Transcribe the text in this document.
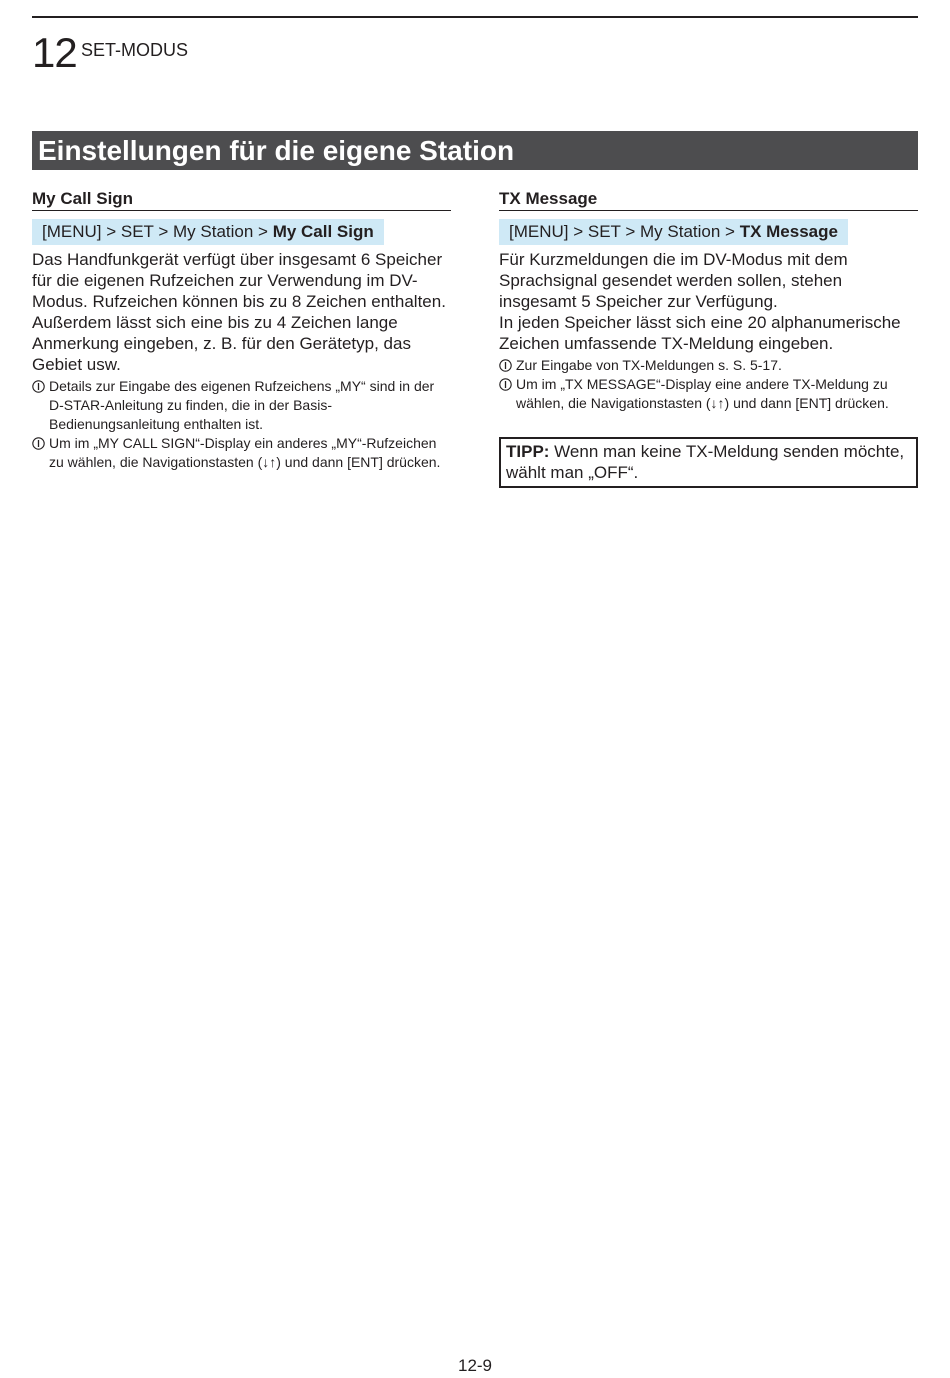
12 SET-MODUS
Einstellungen für die eigene Station
My Call Sign
[MENU] > SET > My Station > My Call Sign

Das Handfunkgerät verfügt über insgesamt 6 Speicher für die eigenen Rufzeichen zur Verwendung im DV-Modus. Rufzeichen können bis zu 8 Zeichen enthalten.

Außerdem lässt sich eine bis zu 4 Zeichen lange Anmerkung eingeben, z. B. für den Gerätetyp, das Gebiet usw.

Details zur Eingabe des eigenen Rufzeichens „MY“ sind in der D-STAR-Anleitung zu finden, die in der Basis-Bedienungsanleitung enthalten ist.
Um im „MY CALL SIGN“-Display ein anderes „MY“-Rufzeichen zu wählen, die Navigationstasten (↓↑) und dann [ENT] drücken.
TX Message
[MENU] > SET > My Station > TX Message

Für Kurzmeldungen die im DV-Modus mit dem Sprachsignal gesendet werden sollen, stehen insgesamt 5 Speicher zur Verfügung.

In jeden Speicher lässt sich eine 20 alphanumerische Zeichen umfassende TX-Meldung eingeben.

Zur Eingabe von TX-Meldungen s. S. 5-17.
Um im „TX MESSAGE“-Display eine andere TX-Meldung zu wählen, die Navigationstasten (↓↑) und dann [ENT] drücken.
TIPP: Wenn man keine TX-Meldung senden möchte, wählt man „OFF“.
12-9
